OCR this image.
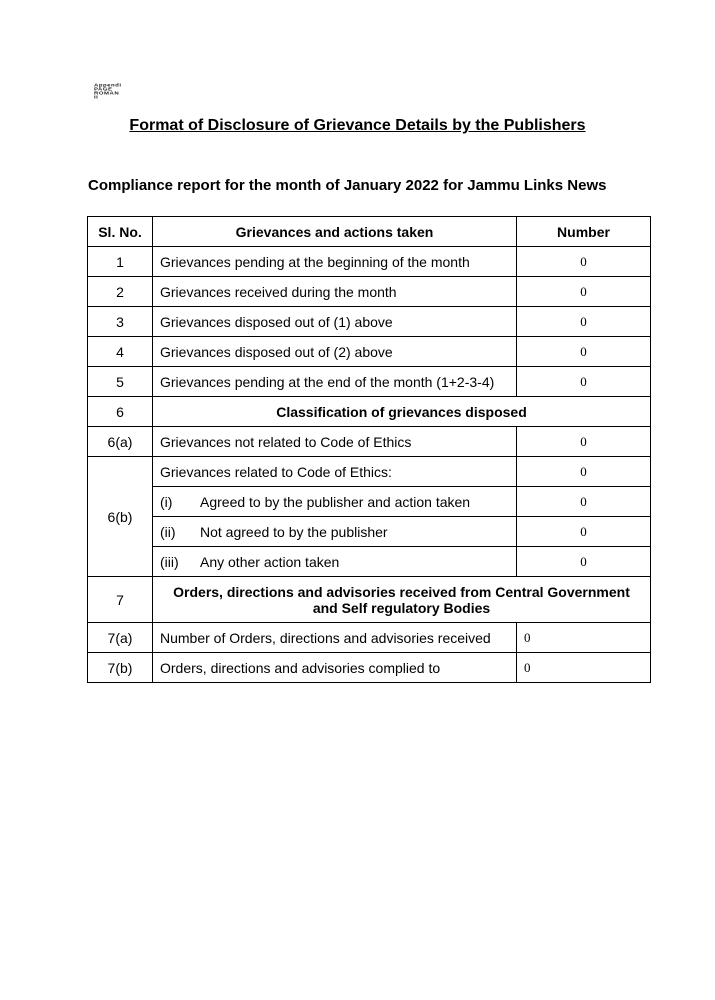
Appendi
PAGE
ROMAN
II
Format of Disclosure of Grievance Details by the Publishers
Compliance report for the month of January 2022 for Jammu Links News
Sl. No.	Grievances and actions taken	Number
1	Grievances pending at the beginning of the month	0
2	Grievances received during the month	0
3	Grievances disposed out of (1) above	0
4	Grievances disposed out of (2) above	0
5	Grievances pending at the end of the month (1+2-3-4)	0
6	Classification of grievances disposed	
6(a)	Grievances not related to Code of Ethics	0
6(b)	Grievances related to Code of Ethics:	0
	(i) Agreed to by the publisher and action taken	0
	(ii) Not agreed to by the publisher	0
	(iii) Any other action taken	0
7	Orders, directions and advisories received from Central Government and Self regulatory Bodies	
7(a)	Number of Orders, directions and advisories received	0
7(b)	Orders, directions and advisories complied to	0
